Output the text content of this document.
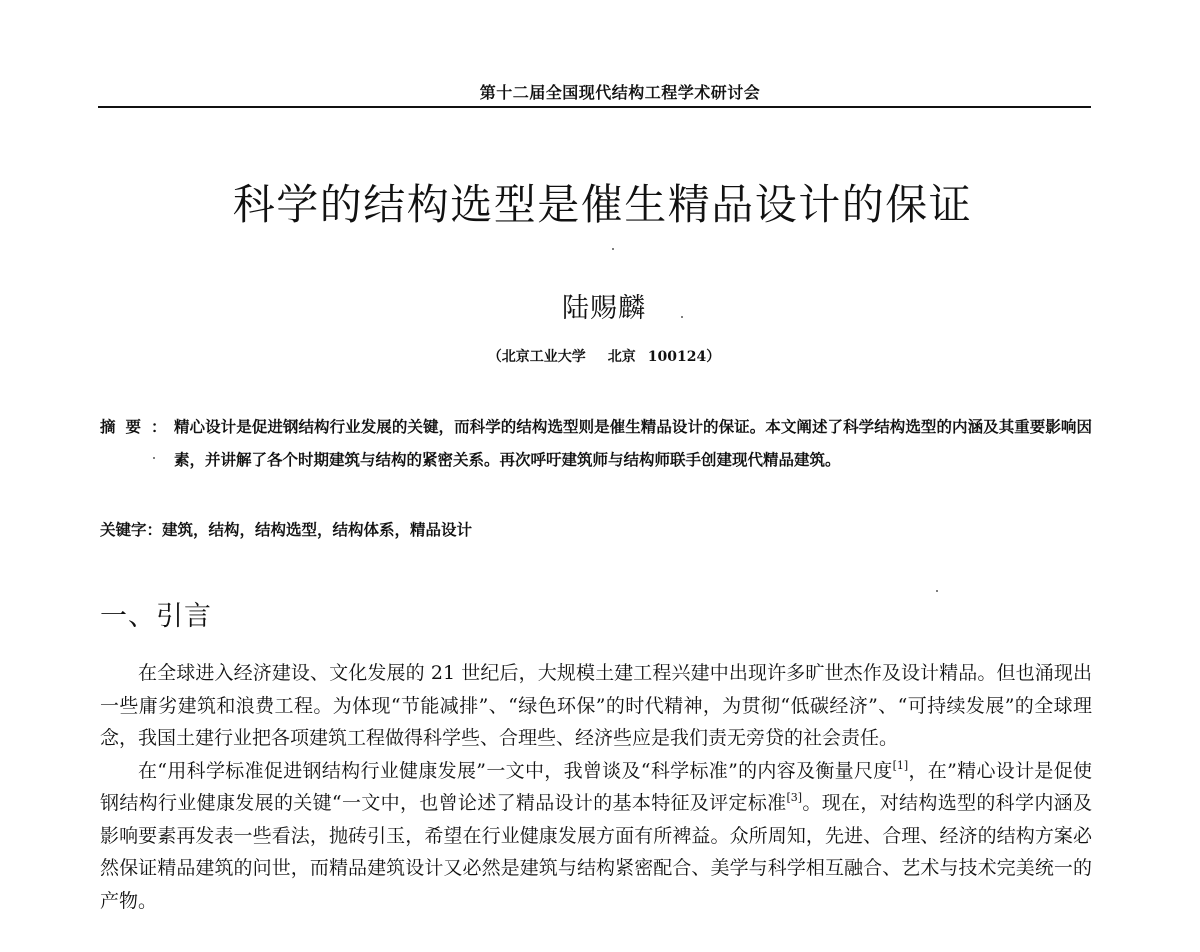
第十二届全国现代结构工程学术研讨会
科学的结构选型是催生精品设计的保证
陆赐麟
（北京工业大学 北京 100124）
摘要：
精心设计是促进钢结构行业发展的关键，而科学的结构选型则是催生精品设计的保证。本文阐述了科学结构选型的内涵及其重要影响因素，并讲解了各个时期建筑与结构的紧密关系。再次呼吁建筑师与结构师联手创建现代精品建筑。
关键字：建筑，结构，结构选型，结构体系，精品设计
一、引言

在全球进入经济建设、文化发展的 21 世纪后，大规模土建工程兴建中出现许多旷世杰作及设计精品。但也涌现出一些庸劣建筑和浪费工程。为体现“节能减排”、“绿色环保”的时代精神，为贯彻“低碳经济”、“可持续发展”的全球理念，我国土建行业把各项建筑工程做得科学些、合理些、经济些应是我们责无旁贷的社会责任。

在“用科学标准促进钢结构行业健康发展”一文中，我曾谈及“科学标准”的内容及衡量尺度[1]，在”精心设计是促使钢结构行业健康发展的关键“一文中，也曾论述了精品设计的基本特征及评定标准[3]。现在，对结构选型的科学内涵及影响要素再发表一些看法，抛砖引玉，希望在行业健康发展方面有所裨益。众所周知，先进、合理、经济的结构方案必然保证精品建筑的问世，而精品建筑设计又必然是建筑与结构紧密配合、美学与科学相互融合、艺术与技术完美统一的产物。
